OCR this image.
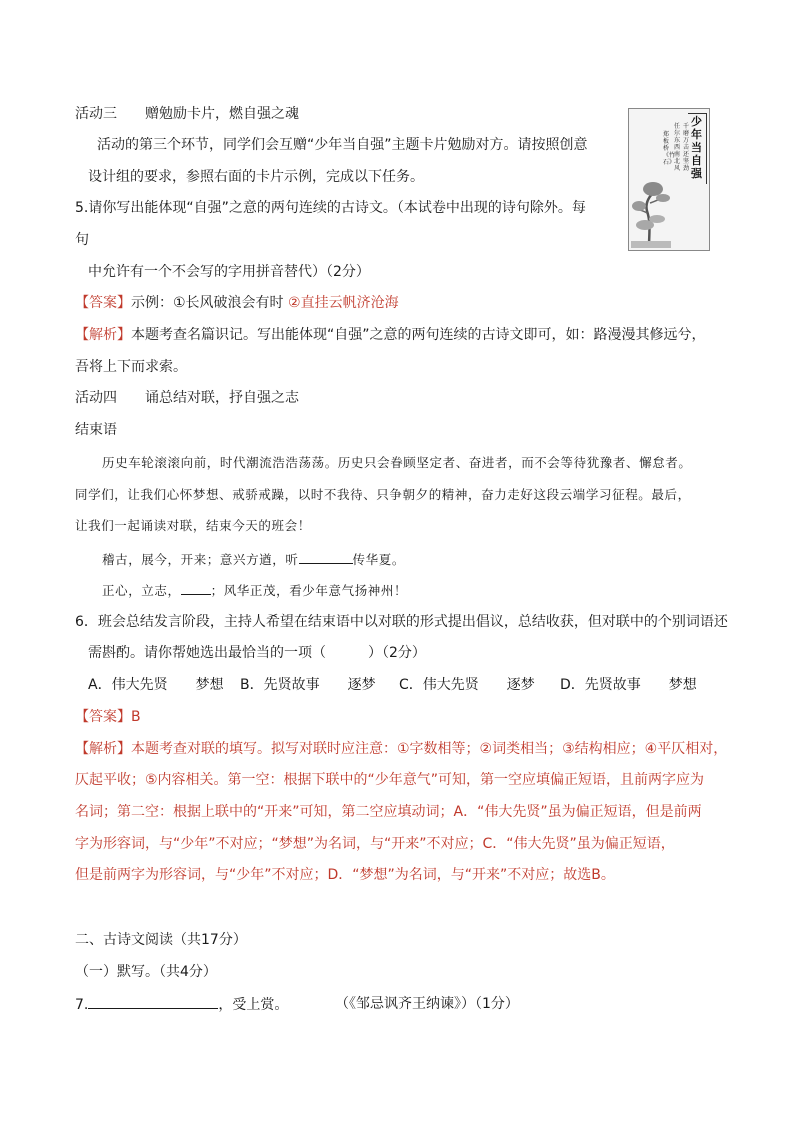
活动三　　赠勉励卡片，燃自强之魂
活动的第三个环节，同学们会互赠“少年当自强”主题卡片勉励对方。请按照创意
设计组的要求，参照右面的卡片示例，完成以下任务。
少年当自强
千磨万击还坚劲
任尔东西南北风
郑板桥《竹石》
5.请你写出能体现“自强”之意的两句连续的古诗文。（本试卷中出现的诗句除外。每
句
中允许有一个不会写的字用拼音替代）（2分）
【答案】示例：①长风破浪会有时 ②直挂云帆济沧海
【解析】本题考查名篇识记。写出能体现“自强”之意的两句连续的古诗文即可，如：路漫漫其修远兮，
吾将上下而求索。
活动四　　诵总结对联，抒自强之志
结束语
历史车轮滚滚向前，时代潮流浩浩荡荡。历史只会眷顾坚定者、奋进者，而不会等待犹豫者、懈怠者。
同学们，让我们心怀梦想、戒骄戒躁，以时不我待、只争朝夕的精神，奋力走好这段云端学习征程。最后，
让我们一起诵读对联，结束今天的班会！
稽古，展今，开来；意兴方遒，听	传华夏。
正心，立志， ；风华正茂，看少年意气扬神州！
6．班会总结发言阶段，主持人希望在结束语中以对联的形式提出倡议，总结收获，但对联中的个别词语还
需斟酌。请你帮她选出最恰当的一项（　　　）（2分）
A．伟大先贤　　梦想 B．先贤故事　　逐梦 C．伟大先贤　　逐梦 D．先贤故事　　梦想
【答案】B
【解析】本题考查对联的填写。拟写对联时应注意：①字数相等；②词类相当；③结构相应；④平仄相对，
仄起平收；⑤内容相关。第一空：根据下联中的“少年意气”可知，第一空应填偏正短语，且前两字应为
名词；第二空：根据上联中的“开来”可知，第二空应填动词；A．“伟大先贤”虽为偏正短语，但是前两
字为形容词，与“少年”不对应；“梦想”为名词，与“开来”不对应；C．“伟大先贤”虽为偏正短语，
但是前两字为形容词，与“少年”不对应；D．“梦想”为名词，与“开来”不对应；故选B。
二、古诗文阅读（共17分）
（一）默写。（共4分）
7.	，受上赏。	（《邹忌讽齐王纳谏》）（1分）
